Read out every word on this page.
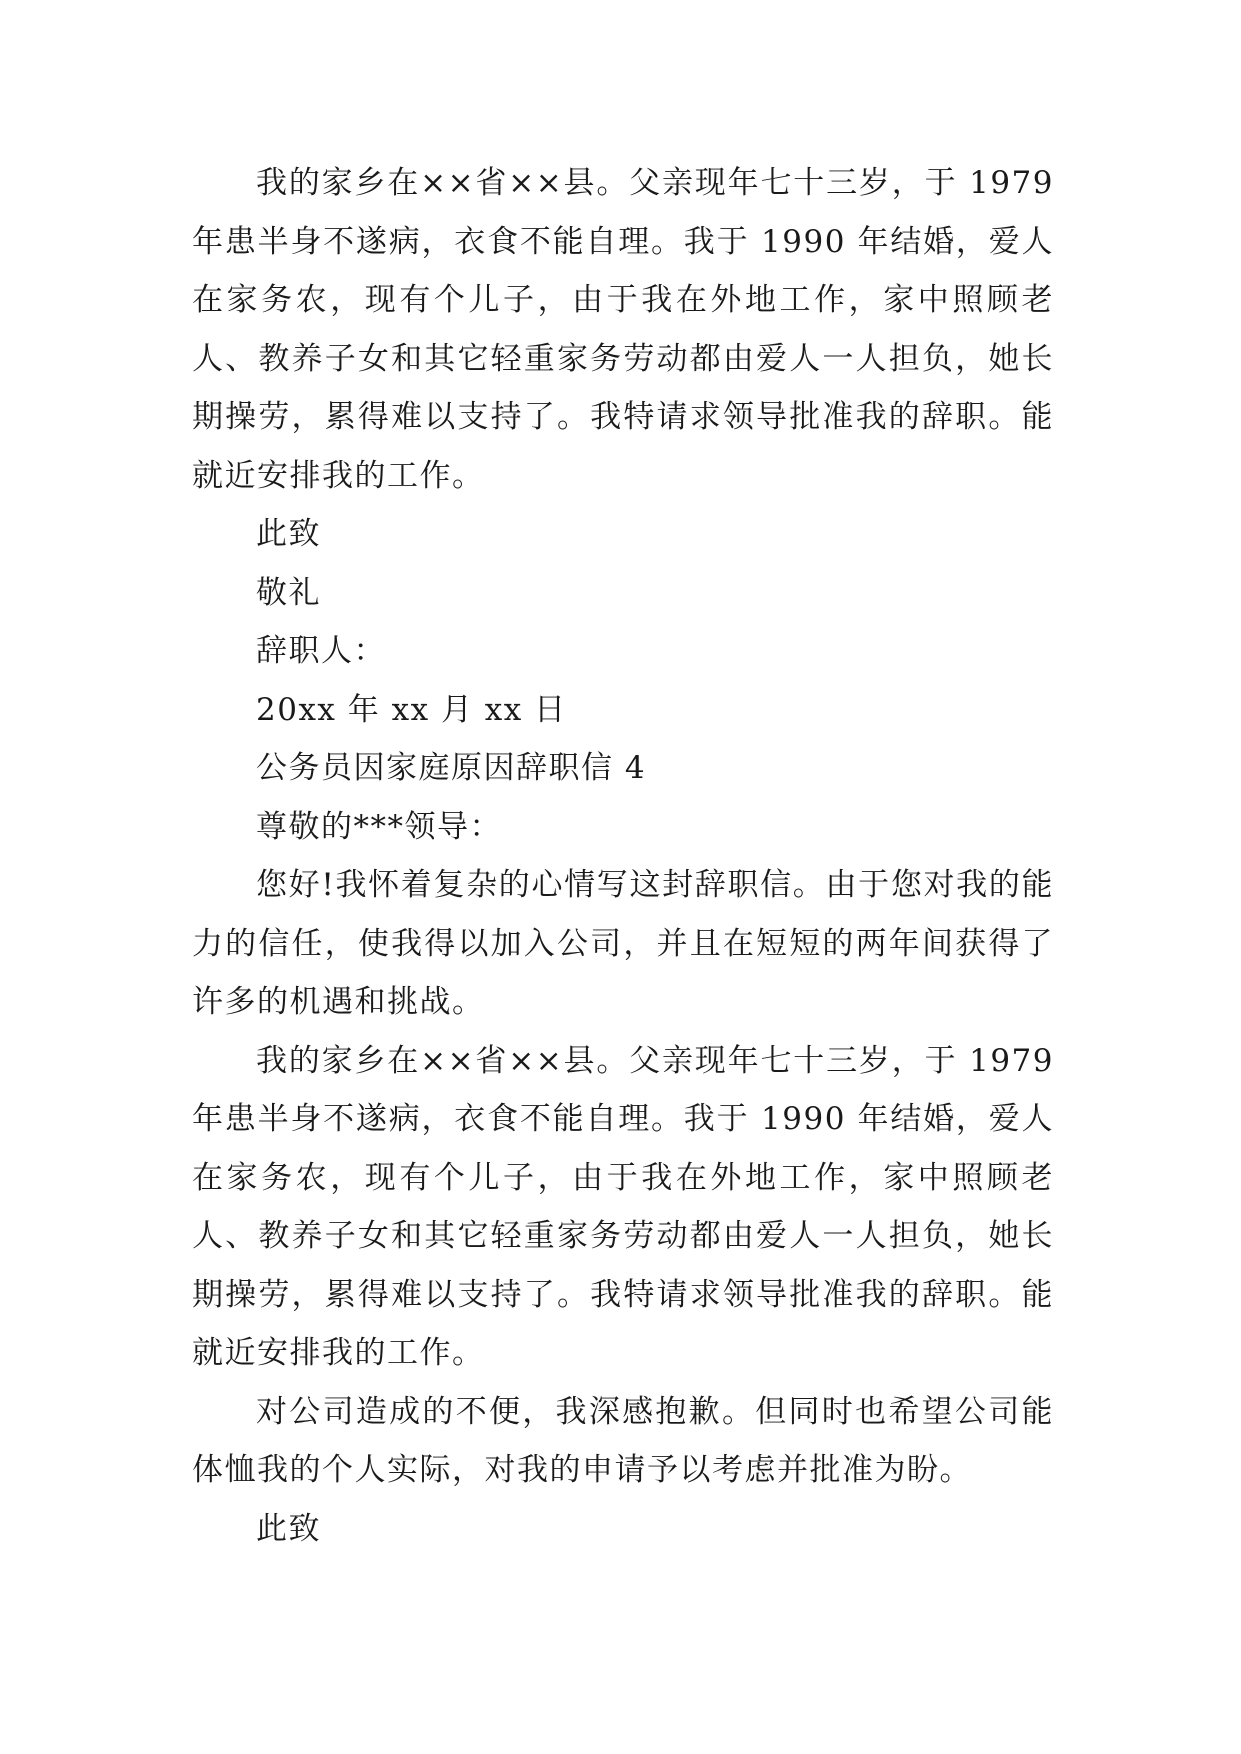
我的家乡在××省××县。父亲现年七十三岁，于 1979 年患半身不遂病，衣食不能自理。我于 1990 年结婚，爱人在家务农，现有个儿子，由于我在外地工作，家中照顾老人、教养子女和其它轻重家务劳动都由爱人一人担负，她长期操劳，累得难以支持了。我特请求领导批准我的辞职。能就近安排我的工作。

此致

敬礼

辞职人：

20xx 年 xx 月 xx 日

公务员因家庭原因辞职信 4

尊敬的***领导：

您好!我怀着复杂的心情写这封辞职信。由于您对我的能力的信任，使我得以加入公司，并且在短短的两年间获得了许多的机遇和挑战。

我的家乡在××省××县。父亲现年七十三岁，于 1979 年患半身不遂病，衣食不能自理。我于 1990 年结婚，爱人在家务农，现有个儿子，由于我在外地工作，家中照顾老人、教养子女和其它轻重家务劳动都由爱人一人担负，她长期操劳，累得难以支持了。我特请求领导批准我的辞职。能就近安排我的工作。

对公司造成的不便，我深感抱歉。但同时也希望公司能体恤我的个人实际，对我的申请予以考虑并批准为盼。

此致
